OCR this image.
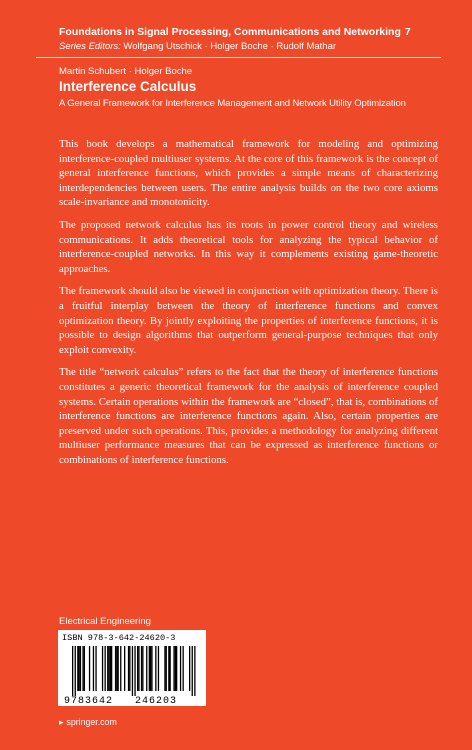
Foundations in Signal Processing, Communications and Networking 7
Series Editors: Wolfgang Utschick · Holger Boche · Rudolf Mathar
Martin Schubert · Holger Boche
Interference Calculus
A General Framework for Interference Management and Network Utility Optimization

This book develops a mathematical framework for modeling and optimizing interference-coupled multiuser systems. At the core of this framework is the concept of general interference functions, which provides a simple means of characterizing interdependencies between users. The entire analysis builds on the two core axioms scale-invariance and monotonicity.

The proposed network calculus has its roots in power control theory and wireless communications. It adds theoretical tools for analyzing the typical behavior of interference-coupled networks. In this way it complements existing game-theoretic approaches.

The framework should also be viewed in conjunction with optimization theory. There is a fruitful interplay between the theory of interference functions and convex optimization theory. By jointly exploiting the properties of interference functions, it is possible to design algorithms that outperform general-purpose techniques that only exploit convexity.

The title “network calculus” refers to the fact that the theory of interference functions constitutes a generic theoretical framework for the analysis of interference coupled systems. Certain operations within the framework are “closed”, that is, combinations of interference functions are interference functions again. Also, certain properties are preserved under such operations. This, provides a methodology for analyzing different multiuser performance measures that can be expressed as interference functions or combinations of interference functions.

Electrical Engineering
ISBN 978-3-642-24620-3
9 783642 246203
▸ springer.com
